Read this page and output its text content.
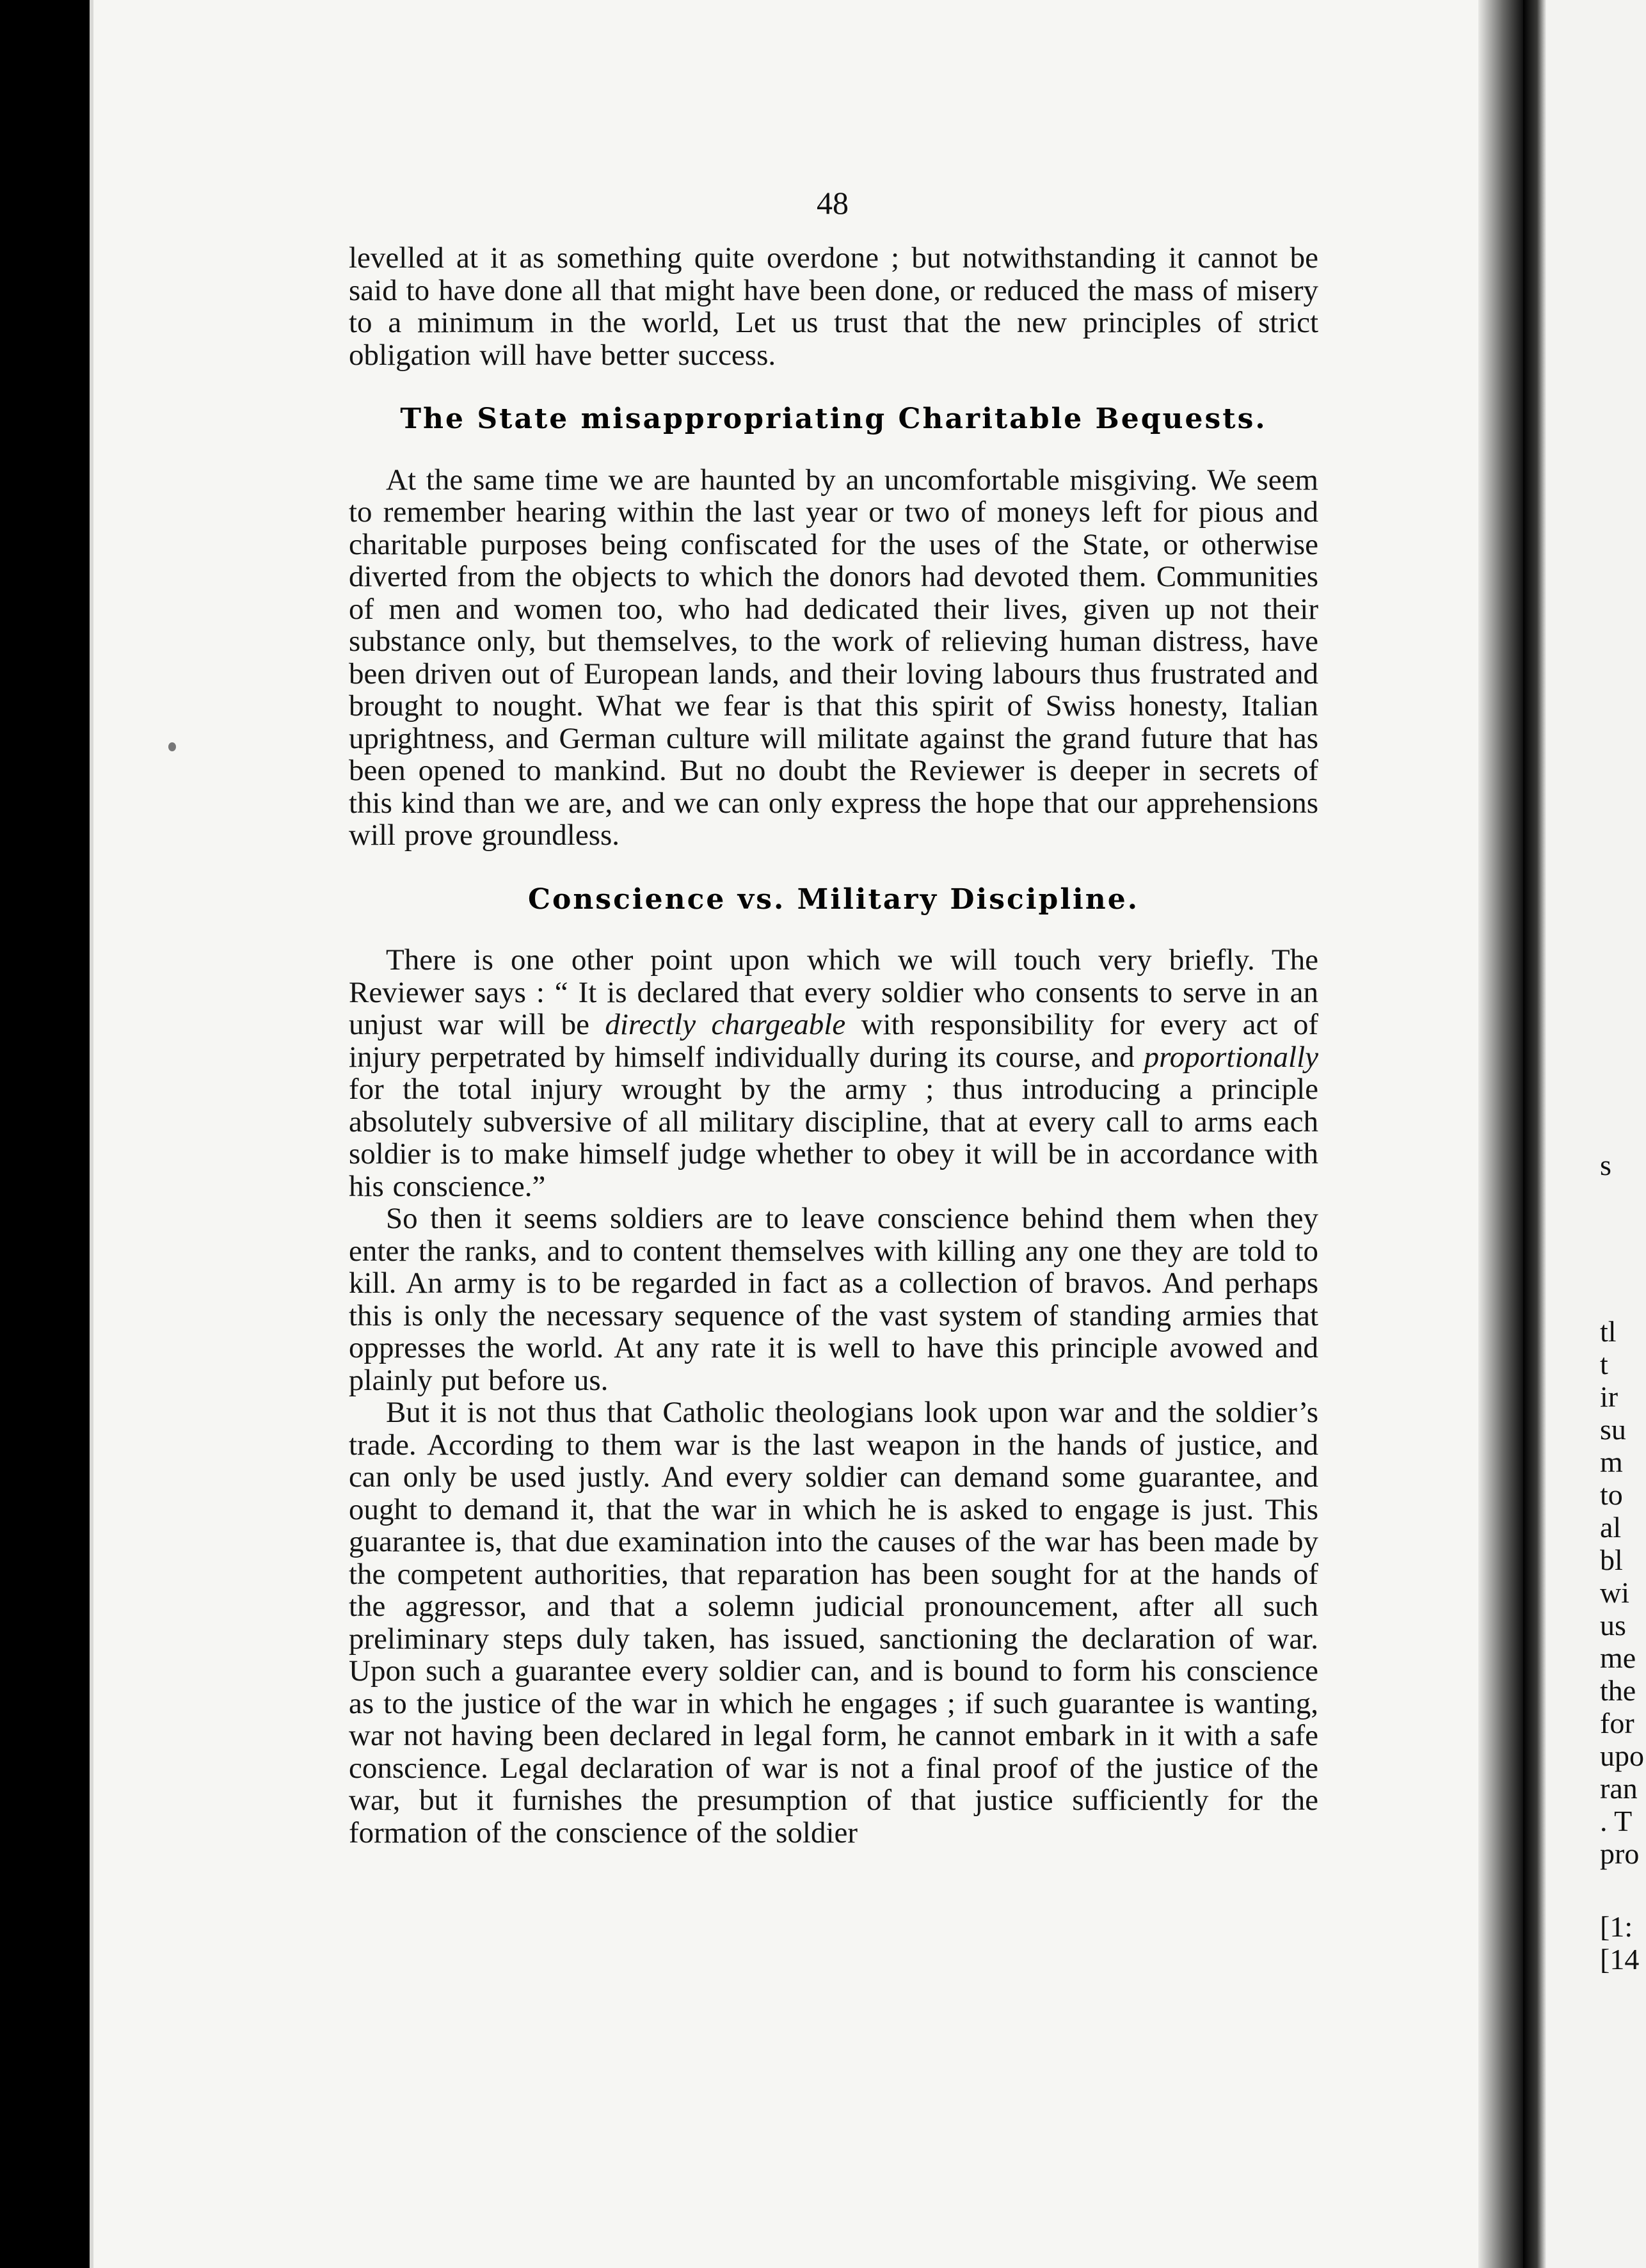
48

levelled at it as something quite overdone ; but notwithstanding it cannot be said to have done all that might have been done, or reduced the mass of misery to a minimum in the world, Let us trust that the new principles of strict obligation will have better success.

The State misappropriating Charitable Bequests.

At the same time we are haunted by an uncomfortable misgiving. We seem to remember hearing within the last year or two of moneys left for pious and charitable purposes being confiscated for the uses of the State, or otherwise diverted from the objects to which the donors had devoted them. Communities of men and women too, who had dedicated their lives, given up not their substance only, but themselves, to the work of relieving human distress, have been driven out of European lands, and their loving labours thus frustrated and brought to nought. What we fear is that this spirit of Swiss honesty, Italian uprightness, and German culture will militate against the grand future that has been opened to mankind. But no doubt the Reviewer is deeper in secrets of this kind than we are, and we can only express the hope that our apprehensions will prove groundless.

Conscience vs. Military Discipline.

There is one other point upon which we will touch very briefly. The Reviewer says : “ It is declared that every soldier who consents to serve in an unjust war will be directly chargeable with responsibility for every act of injury perpetrated by himself individually during its course, and proportionally for the total injury wrought by the army ; thus introducing a principle absolutely subversive of all military discipline, that at every call to arms each soldier is to make himself judge whether to obey it will be in accordance with his conscience.”

So then it seems soldiers are to leave conscience behind them when they enter the ranks, and to content themselves with killing any one they are told to kill. An army is to be regarded in fact as a collection of bravos. And perhaps this is only the necessary sequence of the vast system of standing armies that oppresses the world. At any rate it is well to have this principle avowed and plainly put before us.

But it is not thus that Catholic theologians look upon war and the soldier’s trade. According to them war is the last weapon in the hands of justice, and can only be used justly. And every soldier can demand some guarantee, and ought to demand it, that the war in which he is asked to engage is just. This guarantee is, that due examination into the causes of the war has been made by the competent authorities, that reparation has been sought for at the hands of the aggressor, and that a solemn judicial pronouncement, after all such preliminary steps duly taken, has issued, sanctioning the declaration of war. Upon such a guarantee every soldier can, and is bound to form his conscience as to the justice of the war in which he engages ; if such guarantee is wanting, war not having been declared in legal form, he cannot embark in it with a safe conscience. Legal declaration of war is not a final proof of the justice of the war, but it furnishes the presumption of that justice sufficiently for the formation of the conscience of the soldier

s
tl
t
ir
su
m
to
al
bl
wi
us
me
the
for
upo
ran
. T
pro
[1:
[14
